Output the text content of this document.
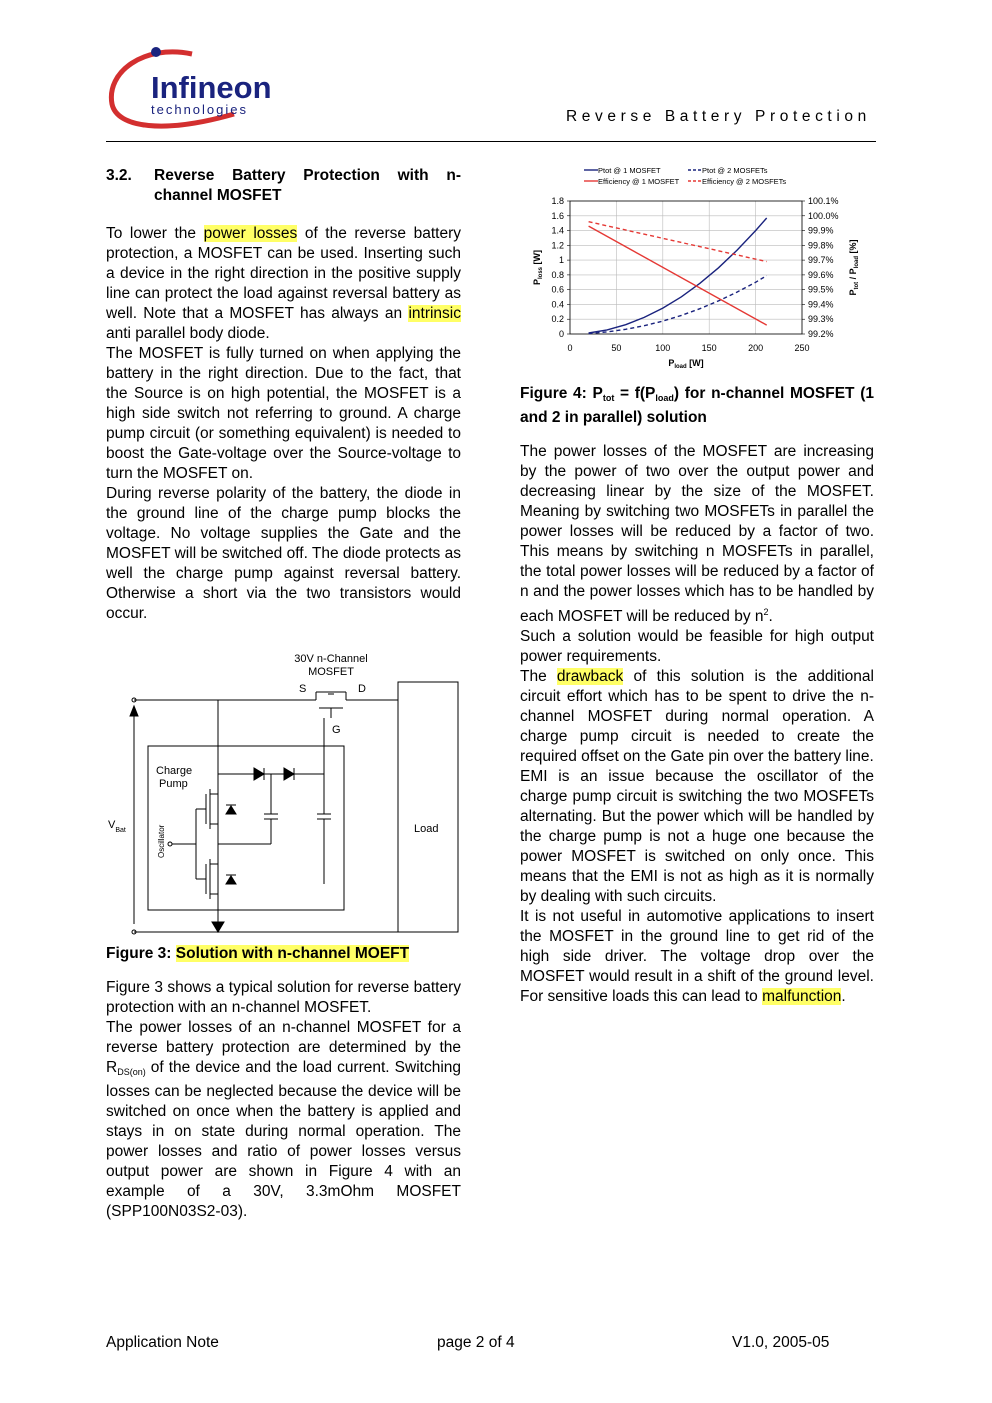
Infineon
technologies	Reverse Battery Protection
3.2.	Reverse Battery Protection with n-channel MOSFET

To lower the power losses of the reverse battery protection, a MOSFET can be used. Inserting such a device in the right direction in the positive supply line can protect the load against reversal battery as well. Note that a MOSFET has always an intrinsic anti parallel body diode.

The MOSFET is fully turned on when applying the battery in the right direction. Due to the fact, that the Source is on high potential, the MOSFET is a high side switch not referring to ground. A charge pump circuit (or something equivalent) is needed to boost the Gate-voltage over the Source-voltage to turn the MOSFET on.

During reverse polarity of the battery, the diode in the ground line of the charge pump blocks the voltage. No voltage supplies the Gate and the MOSFET will be switched off. The diode protects as well the charge pump against reversal battery. Otherwise a short via the two transistors would occur.

30V n-Channel
MOSFET
S	D
G
Charge
Pump
Oscillator
$V_{Bat}$	Load

Figure 3: Solution with n-channel MOEFT

Figure 3 shows a typical solution for reverse battery protection with an n-channel MOSFET.

The power losses of an n-channel MOSFET for a reverse battery protection are determined by the $R_{DS(on)}$ of the device and the load current. Switching losses can be neglected because the device will be switched on once when the battery is applied and stays in on state during normal operation. The power losses and ratio of power losses versus output power are shown in Figure 4 with an example of a 30V, 3.3mOhm MOSFET (SPP100N03S2-03).

0
0.2
0.4
0.6
0.8
1
1.2
1.4
1.6
1.8
0	50	100	150	200	250
99.2%
99.3%
99.4%
99.5%
99.6%
99.7%
99.8%
99.9%
100.0%
100.1%
Ptot @ 1 MOSFET	Ptot @ 2 MOSFETs
Efficiency @ 1 MOSFET	Efficiency @ 2 MOSFETs
$P_{load}$ [W]
$P_{loss}$ [W]
$P_{tot} / P_{load}$ [%]

Figure 4: $P_{tot} = f(P_{load})$ for n-channel MOSFET (1 and 2 in parallel) solution

The power losses of the MOSFET are increasing by the power of two over the output power and decreasing linear by the size of the MOSFET. Meaning by switching two MOSFETs in parallel the power losses will be reduced by a factor of two. This means by switching n MOSFETs in parallel, the total power losses will be reduced by a factor of n and the power losses which has to be handled by each MOSFET will be reduced by $n^2$.

Such a solution would be feasible for high output power requirements.

The drawback of this solution is the additional circuit effort which has to be spent to drive the n-channel MOSFET during normal operation. A charge pump circuit is needed to create the required offset on the Gate pin over the battery line.

EMI is an issue because the oscillator of the charge pump circuit is switching the two MOSFETs alternating. But the power which will be handled by the charge pump is not a huge one because the power MOSFET is switched on only once. This means that the EMI is not as high as it is normally by dealing with such circuits.

It is not useful in automotive applications to insert the MOSFET in the ground line to get rid of the high side driver. The voltage drop over the MOSFET would result in a shift of the ground level. For sensitive loads this can lead to malfunction.

Application Note	page 2 of 4	V1.0, 2005-05
